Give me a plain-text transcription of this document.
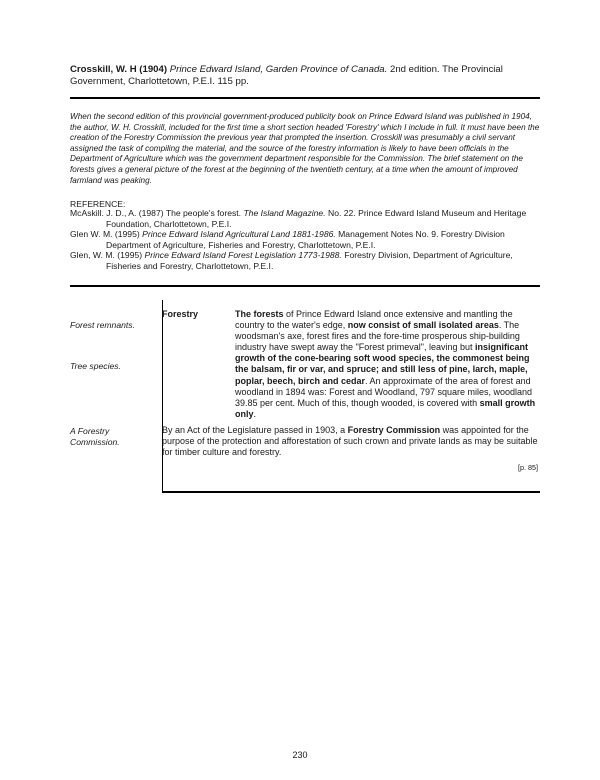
Crosskill, W. H (1904) Prince Edward Island, Garden Province of Canada. 2nd edition. The Provincial Government, Charlottetown, P.E.I. 115 pp.
When the second edition of this provincial government-produced publicity book on Prince Edward Island was published in 1904, the author, W. H. Crosskill, included for the first time a short section headed 'Forestry' which I include in full. It must have been the creation of the Forestry Commission the previous year that prompted the insertion. Crosskill was presumably a civil servant assigned the task of compiling the material, and the source of the forestry information is likely to have been officials in the Department of Agriculture which was the government department responsible for the Commission. The brief statement on the forests gives a general picture of the forest at the beginning of the twentieth century, at a time when the amount of improved farmland was peaking.
REFERENCE:

McAskill. J. D., A. (1987) The people's forest. The Island Magazine. No. 22. Prince Edward Island Museum and Heritage Foundation, Charlottetown, P.E.I.

Glen W. M. (1995) Prince Edward Island Agricultural Land 1881-1986. Management Notes No. 9. Forestry Division Department of Agriculture, Fisheries and Forestry, Charlottetown, P.E.I.

Glen, W. M. (1995) Prince Edward Island Forest Legislation 1773-1988. Forestry Division, Department of Agriculture, Fisheries and Forestry, Charlottetown, P.E.I.

Forest remnants.
Tree species.
A Forestry Commission.
Forestry	The forests of Prince Edward Island once extensive and mantling the country to the water's edge, now consist of small isolated areas. The woodsman's axe, forest fires and the fore-time prosperous ship-building industry have swept away the "Forest primeval", leaving but insignificant growth of the cone-bearing soft wood species, the commonest being the balsam, fir or var, and spruce; and still less of pine, larch, maple, poplar, beech, birch and cedar. An approximate of the area of forest and woodland in 1894 was: Forest and Woodland, 797 square miles, woodland 39.85 per cent. Much of this, though wooded, is covered with small growth only.

By an Act of the Legislature passed in 1903, a Forestry Commission was appointed for the purpose of the protection and afforestation of such crown and private lands as may be suitable for timber culture and forestry.

[p. 85]
230
